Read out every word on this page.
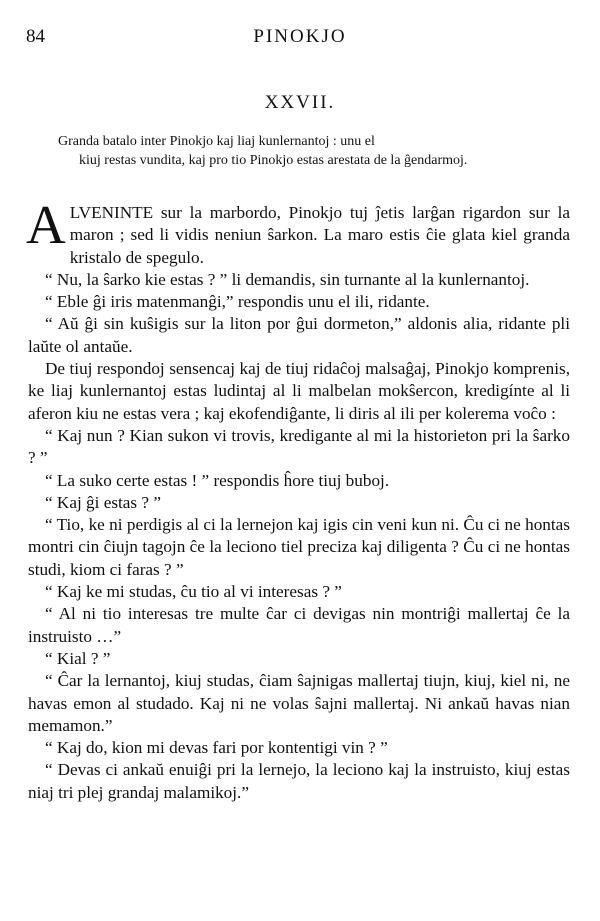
84	PINOKJO
XXVII.

Granda batalo inter Pinokjo kaj liaj kunlernantoj : unu el

kiuj restas vundita, kaj pro tio Pinokjo estas arestata de la ĝendarmoj.

ALVENINTE sur la marbordo, Pinokjo tuj ĵetis larĝan rigardon sur la maron ; sed li vidis neniun ŝarkon. La maro estis ĉie glata kiel granda kristalo de spegulo.

“ Nu, la ŝarko kie estas ? ” li demandis, sin turnante al la kunlernantoj.

“ Eble ĝi iris matenmanĝi,” respondis unu el ili, ridante.

“ Aŭ ĝi sin kuŝigis sur la liton por ĝui dormeton,” aldonis alia, ridante pli laŭte ol antaŭe.

De tiuj respondoj sensencaj kaj de tiuj ridaĉoj malsaĝaj, Pinokjo komprenis, ke liaj kunlernantoj estas ludintaj al li malbelan mokŝercon, kredigínte al li aferon kiu ne estas vera ; kaj ekofendiĝante, li diris al ili per kolerema voĉo :

“ Kaj nun ? Kian sukon vi trovis, kredigante al mi la historieton pri la ŝarko ? ”

“ La suko certe estas ! ” respondis ĥore tiuj buboj.

“ Kaj ĝi estas ? ”

“ Tio, ke ni perdigis al ci la lernejon kaj igis cin veni kun ni. Ĉu ci ne hontas montri cin ĉiujn tagojn ĉe la leciono tiel preciza kaj diligenta ? Ĉu ci ne hontas studi, kiom ci faras ? ”

“ Kaj ke mi studas, ĉu tio al vi interesas ? ”

“ Al ni tio interesas tre multe ĉar ci devigas nin montriĝi mallertaj ĉe la instruisto …”

“ Kial ? ”

“ Ĉar la lernantoj, kiuj studas, ĉiam ŝajnigas mallertaj tiujn, kiuj, kiel ni, ne havas emon al studado. Kaj ni ne volas ŝajni mallertaj. Ni ankaŭ havas nian memamon.”

“ Kaj do, kion mi devas fari por kontentigi vin ? ”

“ Devas ci ankaŭ enuiĝi pri la lernejo, la leciono kaj la instruisto, kiuj estas niaj tri plej grandaj malamikoj.”
